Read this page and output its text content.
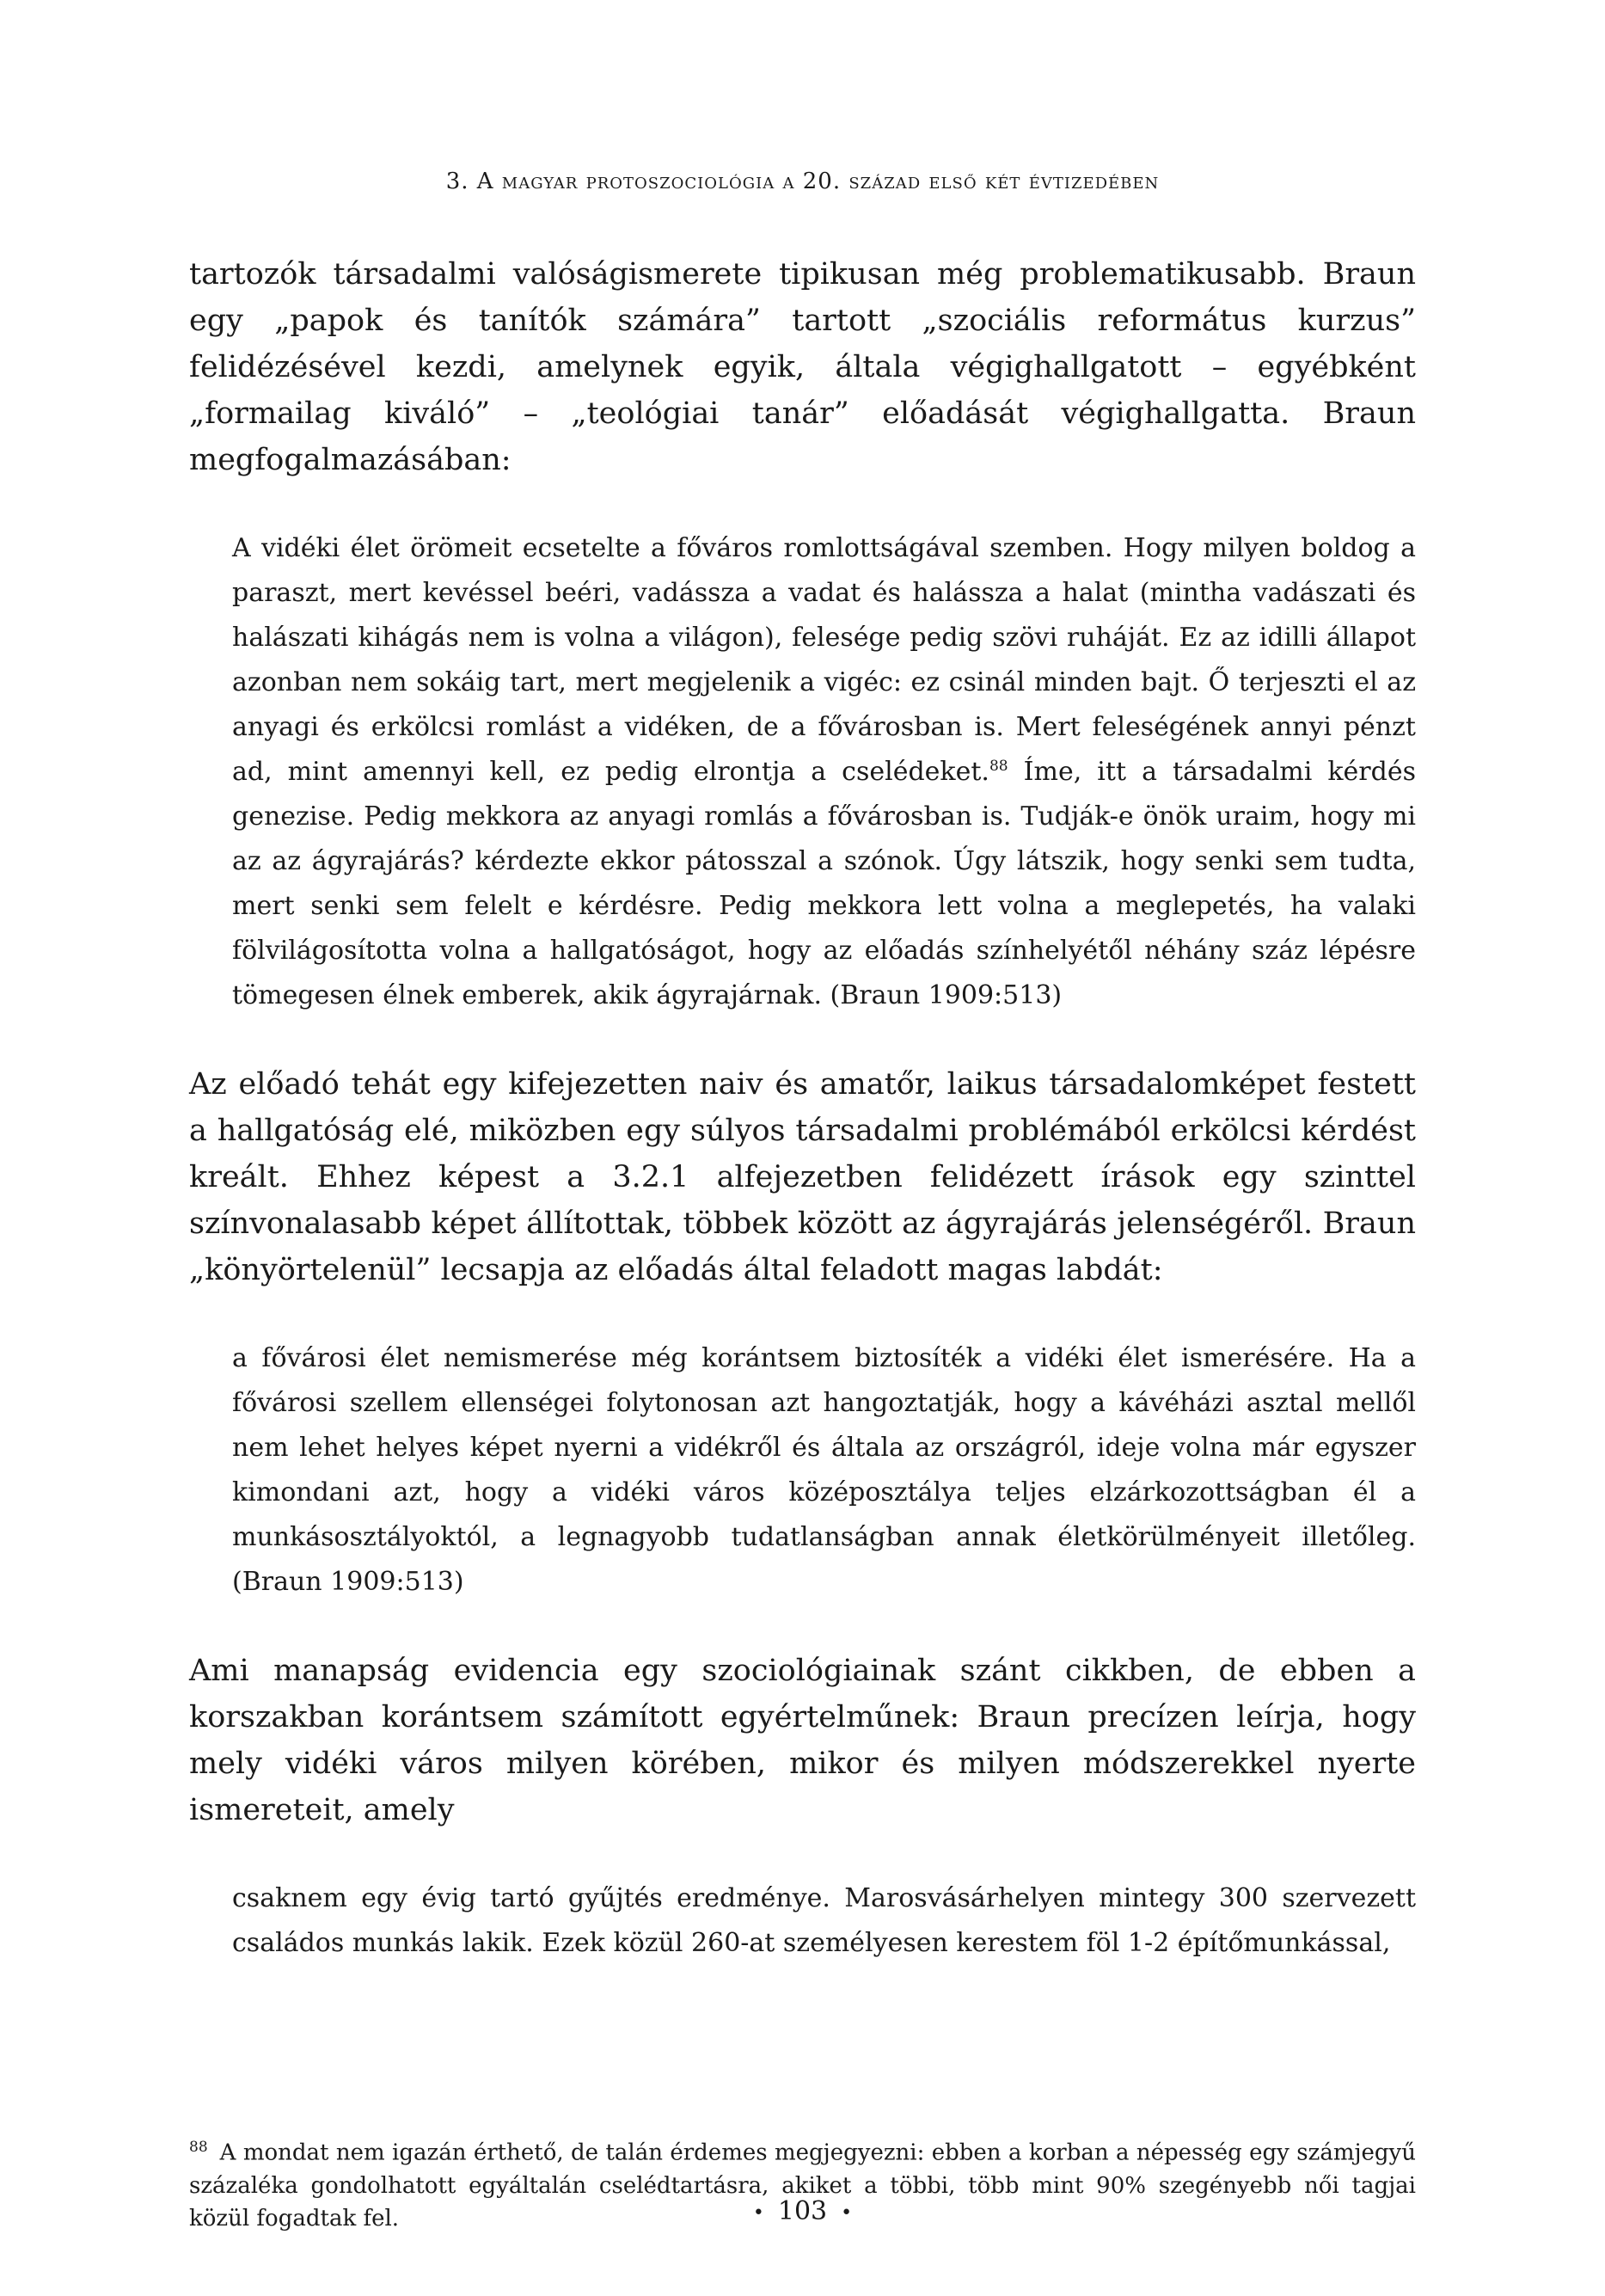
3. A magyar protoszociológia a 20. század első két évtizedében

tartozók társadalmi valóságismerete tipikusan még problematikusabb. Braun egy „papok és tanítók számára” tartott „szociális református kurzus” felidézésével kezdi, amelynek egyik, általa végighallgatott – egyébként „formailag kiváló” – „teológiai tanár” előadását végighallgatta. Braun megfogalmazásában:

A vidéki élet örömeit ecsetelte a főváros romlottságával szemben. Hogy milyen boldog a paraszt, mert kevéssel beéri, vadássza a vadat és halássza a halat (mintha vadászati és halászati kihágás nem is volna a világon), felesége pedig szövi ruháját. Ez az idilli állapot azonban nem sokáig tart, mert megjelenik a vigéc: ez csinál minden bajt. Ő terjeszti el az anyagi és erkölcsi romlást a vidéken, de a fővárosban is. Mert feleségének annyi pénzt ad, mint amennyi kell, ez pedig elrontja a cselédeket.$^{88}$ Íme, itt a társadalmi kérdés genezise. Pedig mekkora az anyagi romlás a fővárosban is. Tudják-e önök uraim, hogy mi az az ágyrajárás? kérdezte ekkor pátosszal a szónok. Úgy látszik, hogy senki sem tudta, mert senki sem felelt e kérdésre. Pedig mekkora lett volna a meglepetés, ha valaki fölvilágosította volna a hallgatóságot, hogy az előadás színhelyétől néhány száz lépésre tömegesen élnek emberek, akik ágyrajárnak. (Braun 1909:513)

Az előadó tehát egy kifejezetten naiv és amatőr, laikus társadalomképet festett a hallgatóság elé, miközben egy súlyos társadalmi problémából erkölcsi kérdést kreált. Ehhez képest a 3.2.1 alfejezetben felidézett írások egy szinttel színvonalasabb képet állítottak, többek között az ágyrajárás jelenségéről. Braun „könyörtelenül” lecsapja az előadás által feladott magas labdát:

a fővárosi élet nemismerése még korántsem biztosíték a vidéki élet ismerésére. Ha a fővárosi szellem ellenségei folytonosan azt hangoztatják, hogy a kávéházi asztal mellől nem lehet helyes képet nyerni a vidékről és általa az országról, ideje volna már egyszer kimondani azt, hogy a vidéki város középosztálya teljes elzárkozottságban él a munkásosztályoktól, a legnagyobb tudatlanságban annak életkörülményeit illetőleg. (Braun 1909:513)

Ami manapság evidencia egy szociológiainak szánt cikkben, de ebben a korszakban korántsem számított egyértelműnek: Braun precízen leírja, hogy mely vidéki város milyen körében, mikor és milyen módszerekkel nyerte ismereteit, amely

csaknem egy évig tartó gyűjtés eredménye. Marosvásárhelyen mintegy 300 szervezett családos munkás lakik. Ezek közül 260-at személyesen kerestem föl 1-2 építőmunkással,

$^{88}$ A mondat nem igazán érthető, de talán érdemes megjegyezni: ebben a korban a népesség egy számjegyű százaléka gondolhatott egyáltalán cselédtartásra, akiket a többi, több mint 90% szegényebb női tagjai közül fogadtak fel.	• 103 •
